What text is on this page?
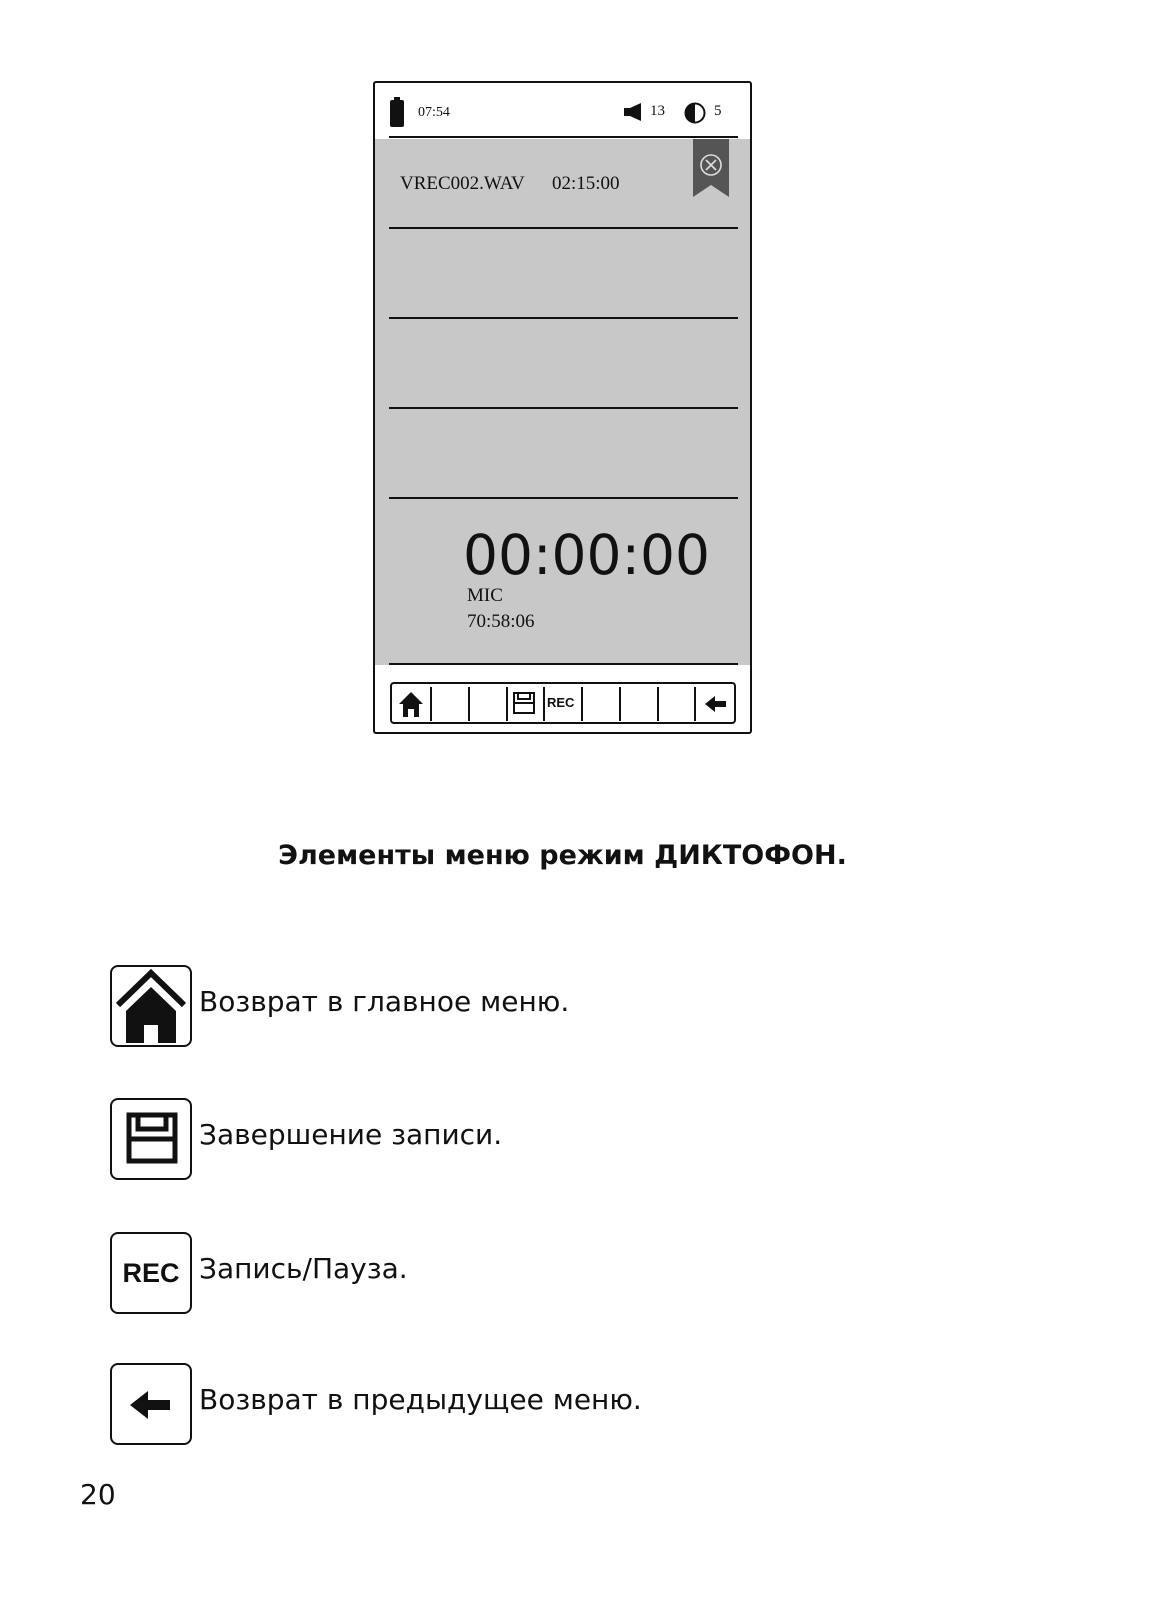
07:54	13	5
VREC002.WAV 02:15:00
00:00:00
MIC
70:58:06
REC
Элементы меню режим ДИКТОФОН.
Возврат в главное меню.
Завершение записи.
REC Запись/Пауза.
Возврат в предыдущее меню.
20
